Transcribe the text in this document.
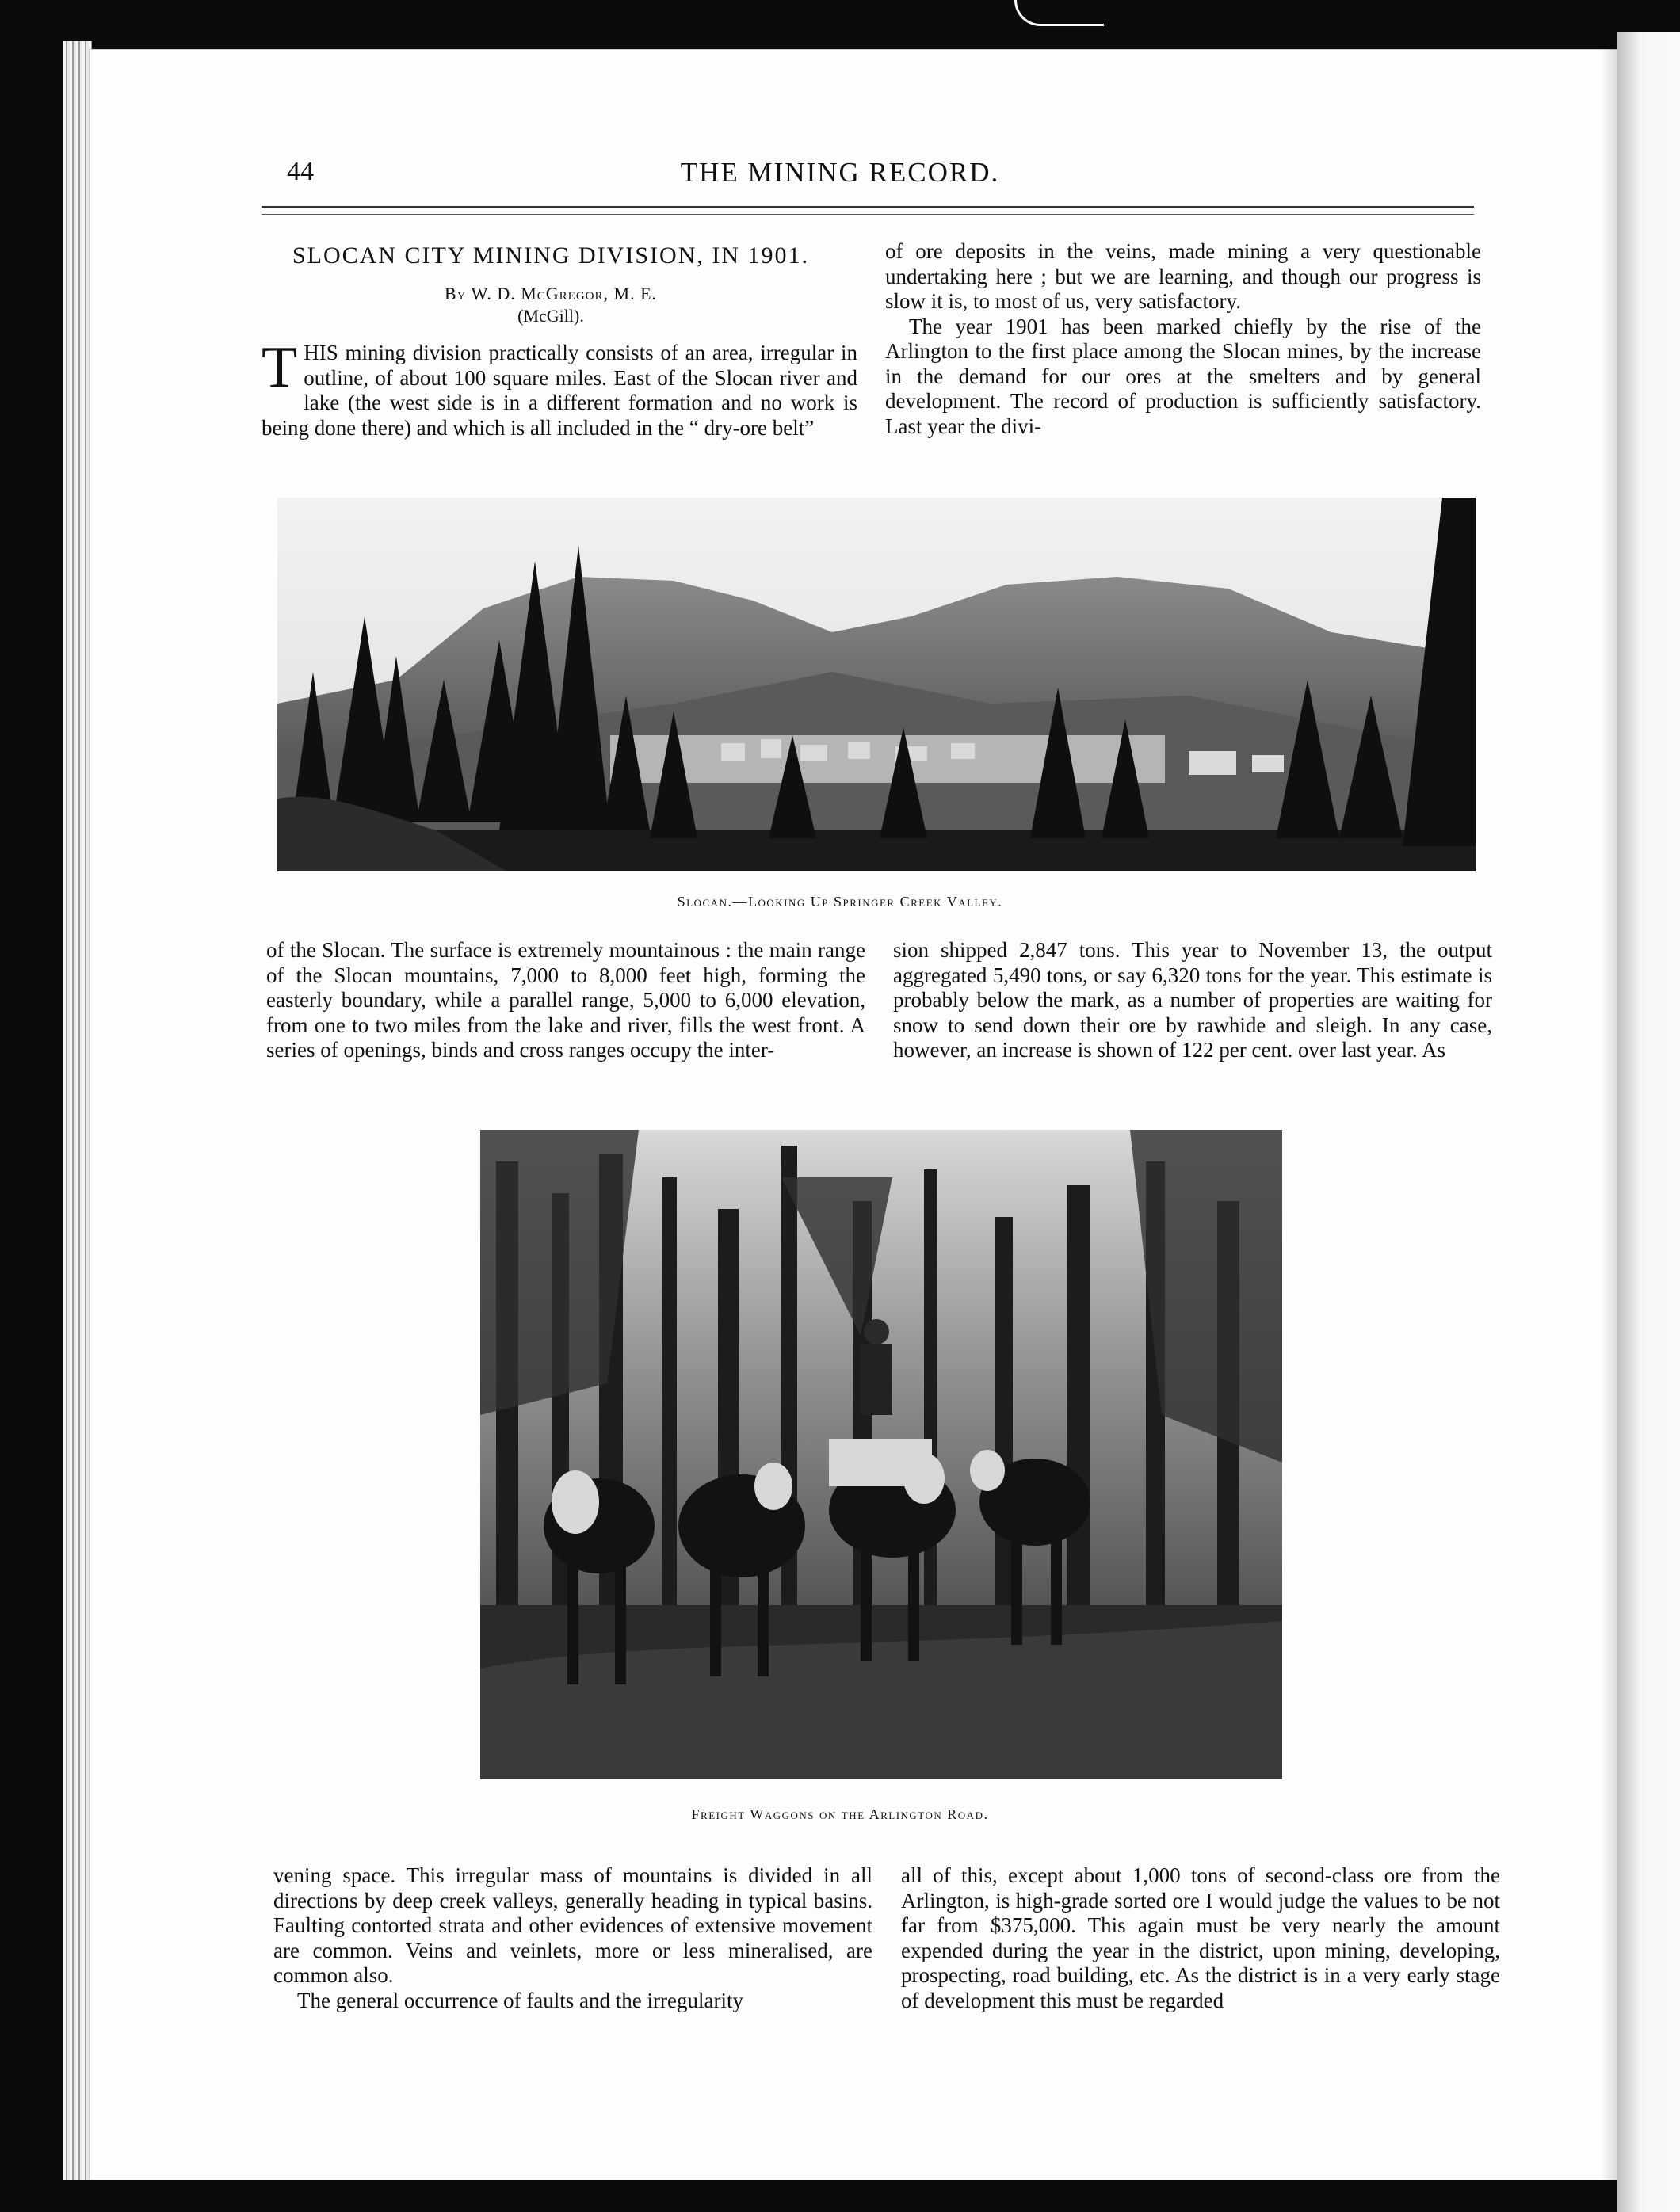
44	THE MINING RECORD.
SLOCAN CITY MINING DIVISION, IN 1901.
By W. D. McGregor, M. E.
(McGill).

THIS mining division practically consists of an area, irregular in outline, of about 100 square miles. East of the Slocan river and lake (the west side is in a different formation and no work is being done there) and which is all included in the “ dry-ore belt”

of ore deposits in the veins, made mining a very questionable undertaking here ; but we are learning, and though our progress is slow it is, to most of us, very satisfactory.

The year 1901 has been marked chiefly by the rise of the Arlington to the first place among the Slocan mines, by the increase in the demand for our ores at the smelters and by general development. The record of production is sufficiently satisfactory. Last year the divi-

Slocan.—Looking Up Springer Creek Valley.

of the Slocan. The surface is extremely mountainous : the main range of the Slocan mountains, 7,000 to 8,000 feet high, forming the easterly boundary, while a parallel range, 5,000 to 6,000 elevation, from one to two miles from the lake and river, fills the west front. A series of openings, binds and cross ranges occupy the inter-

sion shipped 2,847 tons. This year to November 13, the output aggregated 5,490 tons, or say 6,320 tons for the year. This estimate is probably below the mark, as a number of properties are waiting for snow to send down their ore by rawhide and sleigh. In any case, however, an increase is shown of 122 per cent. over last year. As

Freight Waggons on the Arlington Road.

vening space. This irregular mass of mountains is divided in all directions by deep creek valleys, generally heading in typical basins. Faulting contorted strata and other evidences of extensive movement are common. Veins and veinlets, more or less mineralised, are common also.

The general occurrence of faults and the irregularity

all of this, except about 1,000 tons of second-class ore from the Arlington, is high-grade sorted ore I would judge the values to be not far from $375,000. This again must be very nearly the amount expended during the year in the district, upon mining, developing, prospecting, road building, etc. As the district is in a very early stage of development this must be regarded
